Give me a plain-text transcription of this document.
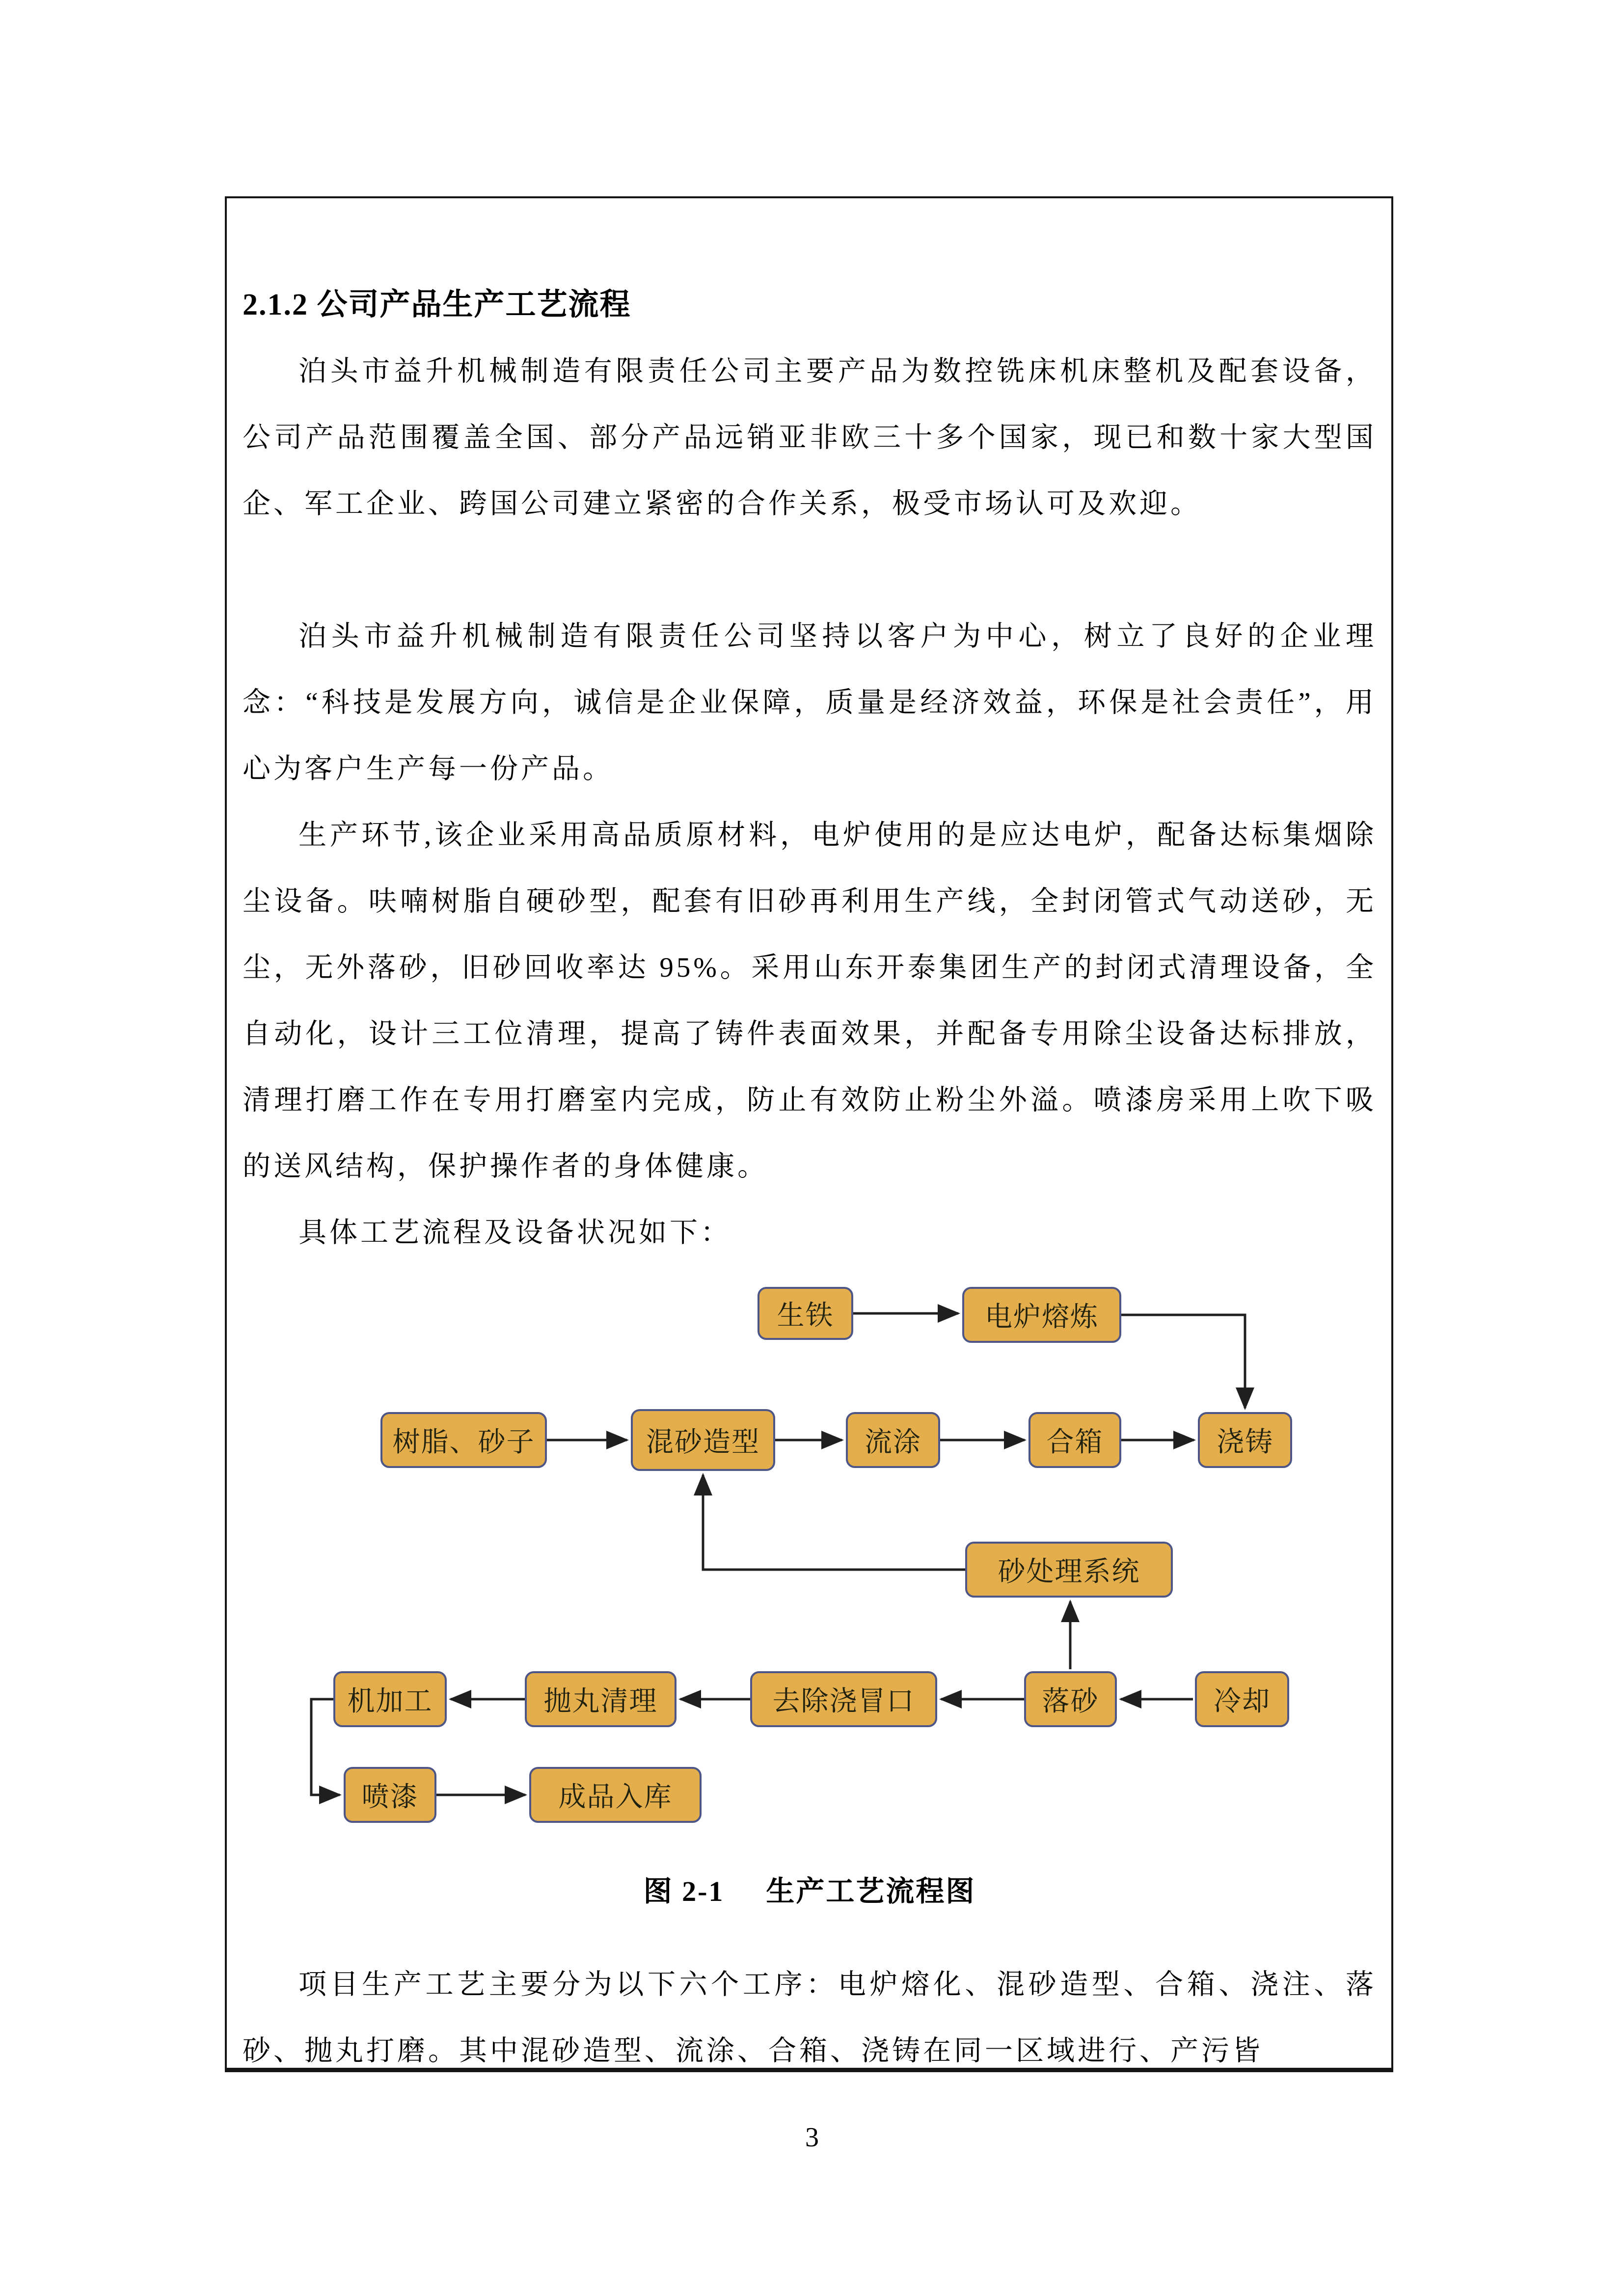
2.1.2 公司产品生产工艺流程

泊头市益升机械制造有限责任公司主要产品为数控铣床机床整机及配套设备，公司产品范围覆盖全国、部分产品远销亚非欧三十多个国家，现已和数十家大型国企、军工企业、跨国公司建立紧密的合作关系，极受市场认可及欢迎。

泊头市益升机械制造有限责任公司坚持以客户为中心，树立了良好的企业理念：“科技是发展方向，诚信是企业保障，质量是经济效益，环保是社会责任”，用心为客户生产每一份产品。

生产环节,该企业采用高品质原材料，电炉使用的是应达电炉，配备达标集烟除尘设备。呋喃树脂自硬砂型，配套有旧砂再利用生产线，全封闭管式气动送砂，无尘，无外落砂，旧砂回收率达 95%。采用山东开泰集团生产的封闭式清理设备，全自动化，设计三工位清理，提高了铸件表面效果，并配备专用除尘设备达标排放，清理打磨工作在专用打磨室内完成，防止有效防止粉尘外溢。喷漆房采用上吹下吸的送风结构，保护操作者的身体健康。

具体工艺流程及设备状况如下：

生铁	电炉熔炼
树脂、砂子	混砂造型	流涂	合箱	浇铸
砂处理系统
机加工	抛丸清理	去除浇冒口	落砂	冷却
喷漆	成品入库

图 2-1 生产工艺流程图

项目生产工艺主要分为以下六个工序：电炉熔化、混砂造型、合箱、浇注、落砂、抛丸打磨。其中混砂造型、流涂、合箱、浇铸在同一区域进行、产污皆

3
